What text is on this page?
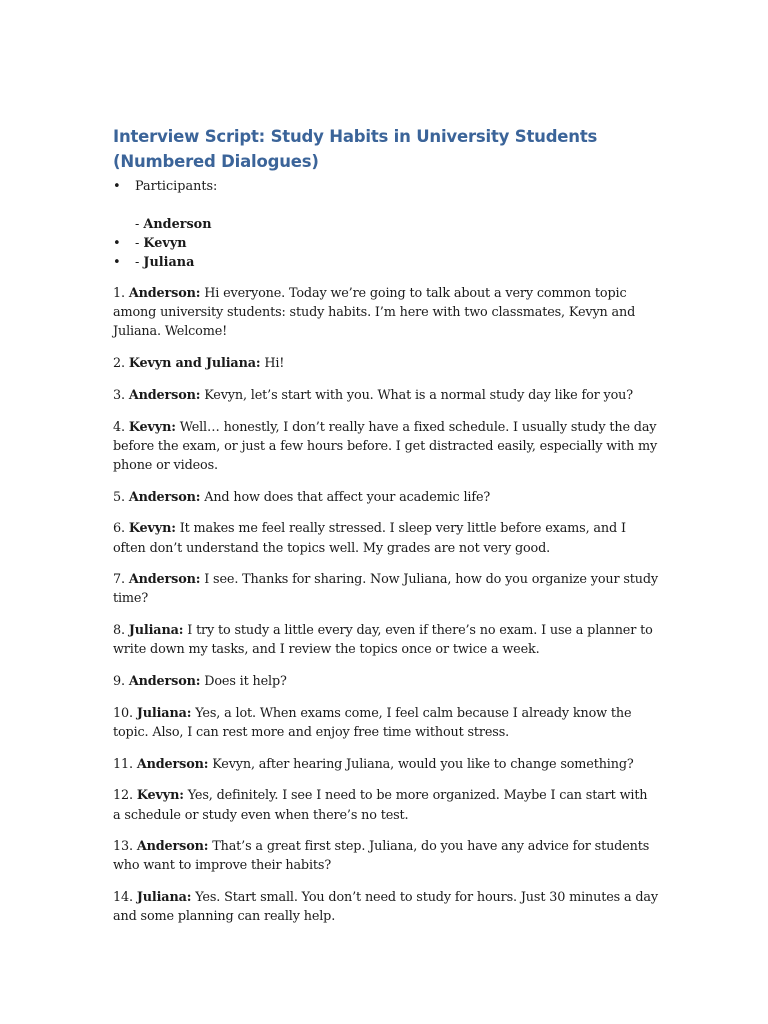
Interview Script: Study Habits in University Students (Numbered Dialogues)
• Participants:
- Anderson
• - Kevyn
• - Juliana

1. Anderson: Hi everyone. Today we’re going to talk about a very common topic among university students: study habits. I’m here with two classmates, Kevyn and Juliana. Welcome!

2. Kevyn and Juliana: Hi!

3. Anderson: Kevyn, let’s start with you. What is a normal study day like for you?

4. Kevyn: Well… honestly, I don’t really have a fixed schedule. I usually study the day before the exam, or just a few hours before. I get distracted easily, especially with my phone or videos.

5. Anderson: And how does that affect your academic life?

6. Kevyn: It makes me feel really stressed. I sleep very little before exams, and I often don’t understand the topics well. My grades are not very good.

7. Anderson: I see. Thanks for sharing. Now Juliana, how do you organize your study time?

8. Juliana: I try to study a little every day, even if there’s no exam. I use a planner to write down my tasks, and I review the topics once or twice a week.

9. Anderson: Does it help?

10. Juliana: Yes, a lot. When exams come, I feel calm because I already know the topic. Also, I can rest more and enjoy free time without stress.

11. Anderson: Kevyn, after hearing Juliana, would you like to change something?

12. Kevyn: Yes, definitely. I see I need to be more organized. Maybe I can start with a schedule or study even when there’s no test.

13. Anderson: That’s a great first step. Juliana, do you have any advice for students who want to improve their habits?

14. Juliana: Yes. Start small. You don’t need to study for hours. Just 30 minutes a day and some planning can really help.
